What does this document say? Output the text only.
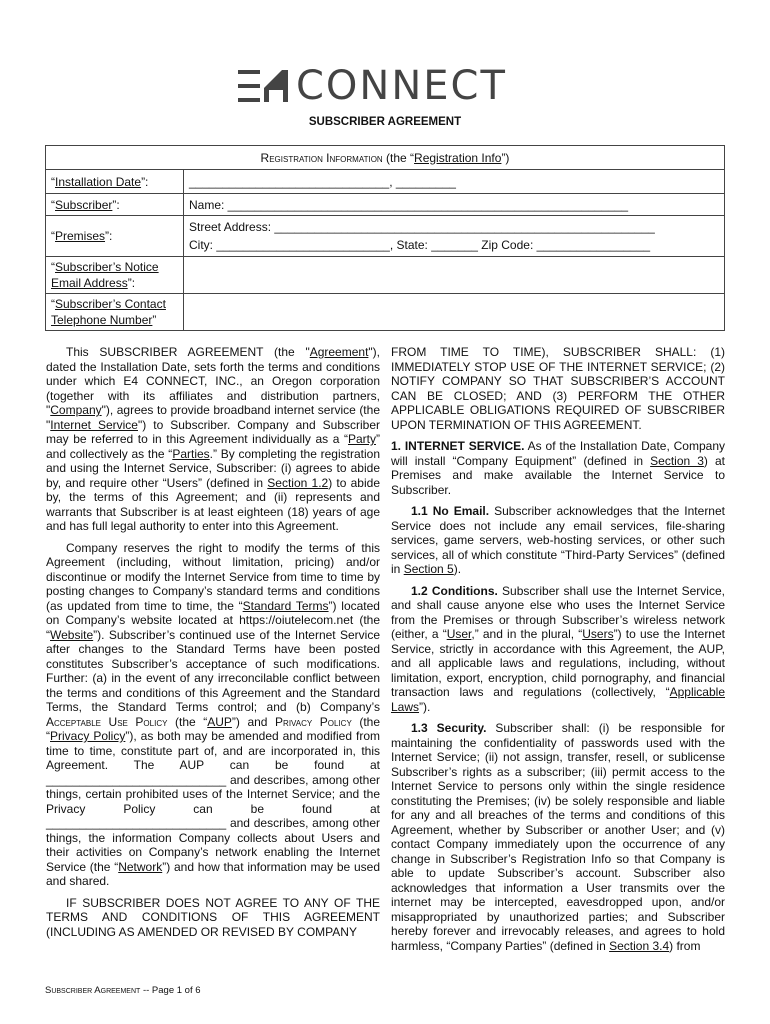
CONNECT
SUBSCRIBER AGREEMENT
Registration Information (the “Registration Info”)	
“Installation Date”:	______________________________, _________
“Subscriber”:	Name: ____________________________________________________________
“Premises”:	Street Address: _________________________________________________________
City: __________________________, State: _______ Zip Code: _________________

“Subscriber’s Notice Email Address”:	
“Subscriber’s Contact Telephone Number”	

This SUBSCRIBER AGREEMENT (the "Agreement"), dated the Installation Date, sets forth the terms and conditions under which E4 CONNECT, INC., an Oregon corporation (together with its affiliates and distribution partners, "Company"), agrees to provide broadband internet service (the "Internet Service") to Subscriber. Company and Subscriber may be referred to in this Agreement individually as a “Party” and collectively as the “Parties.” By completing the registration and using the Internet Service, Subscriber: (i) agrees to abide by, and require other “Users” (defined in Section 1.2) to abide by, the terms of this Agreement; and (ii) represents and warrants that Subscriber is at least eighteen (18) years of age and has full legal authority to enter into this Agreement.

Company reserves the right to modify the terms of this Agreement (including, without limitation, pricing) and/or discontinue or modify the Internet Service from time to time by posting changes to Company’s standard terms and conditions (as updated from time to time, the “Standard Terms”) located on Company’s website located at https://oiutelecom.net (the “Website”). Subscriber’s continued use of the Internet Service after changes to the Standard Terms have been posted constitutes Subscriber’s acceptance of such modifications. Further: (a) in the event of any irreconcilable conflict between the terms and conditions of this Agreement and the Standard Terms, the Standard Terms control; and (b) Company’s Acceptable Use Policy (the “AUP”) and Privacy Policy (the “Privacy Policy”), as both may be amended and modified from time to time, constitute part of, and are incorporated in, this Agreement. The AUP can be found at ___________________________ and describes, among other things, certain prohibited uses of the Internet Service; and the Privacy Policy can be found at ___________________________ and describes, among other things, the information Company collects about Users and their activities on Company’s network enabling the Internet Service (the “Network”) and how that information may be used and shared.

IF SUBSCRIBER DOES NOT AGREE TO ANY OF THE TERMS AND CONDITIONS OF THIS AGREEMENT (INCLUDING AS AMENDED OR REVISED BY COMPANY

FROM TIME TO TIME), SUBSCRIBER SHALL: (1) IMMEDIATELY STOP USE OF THE INTERNET SERVICE; (2) NOTIFY COMPANY SO THAT SUBSCRIBER’S ACCOUNT CAN BE CLOSED; AND (3) PERFORM THE OTHER APPLICABLE OBLIGATIONS REQUIRED OF SUBSCRIBER UPON TERMINATION OF THIS AGREEMENT.

1. INTERNET SERVICE. As of the Installation Date, Company will install “Company Equipment” (defined in Section 3) at Premises and make available the Internet Service to Subscriber.

1.1 No Email. Subscriber acknowledges that the Internet Service does not include any email services, file-sharing services, game servers, web-hosting services, or other such services, all of which constitute “Third-Party Services” (defined in Section 5).

1.2 Conditions. Subscriber shall use the Internet Service, and shall cause anyone else who uses the Internet Service from the Premises or through Subscriber’s wireless network (either, a “User,” and in the plural, “Users”) to use the Internet Service, strictly in accordance with this Agreement, the AUP, and all applicable laws and regulations, including, without limitation, export, encryption, child pornography, and financial transaction laws and regulations (collectively, “Applicable Laws”).

1.3 Security. Subscriber shall: (i) be responsible for maintaining the confidentiality of passwords used with the Internet Service; (ii) not assign, transfer, resell, or sublicense Subscriber’s rights as a subscriber; (iii) permit access to the Internet Service to persons only within the single residence constituting the Premises; (iv) be solely responsible and liable for any and all breaches of the terms and conditions of this Agreement, whether by Subscriber or another User; and (v) contact Company immediately upon the occurrence of any change in Subscriber’s Registration Info so that Company is able to update Subscriber’s account. Subscriber also acknowledges that information a User transmits over the internet may be intercepted, eavesdropped upon, and/or misappropriated by unauthorized parties; and Subscriber hereby forever and irrevocably releases, and agrees to hold harmless, “Company Parties” (defined in Section 3.4) from

Subscriber Agreement -- Page 1 of 6
